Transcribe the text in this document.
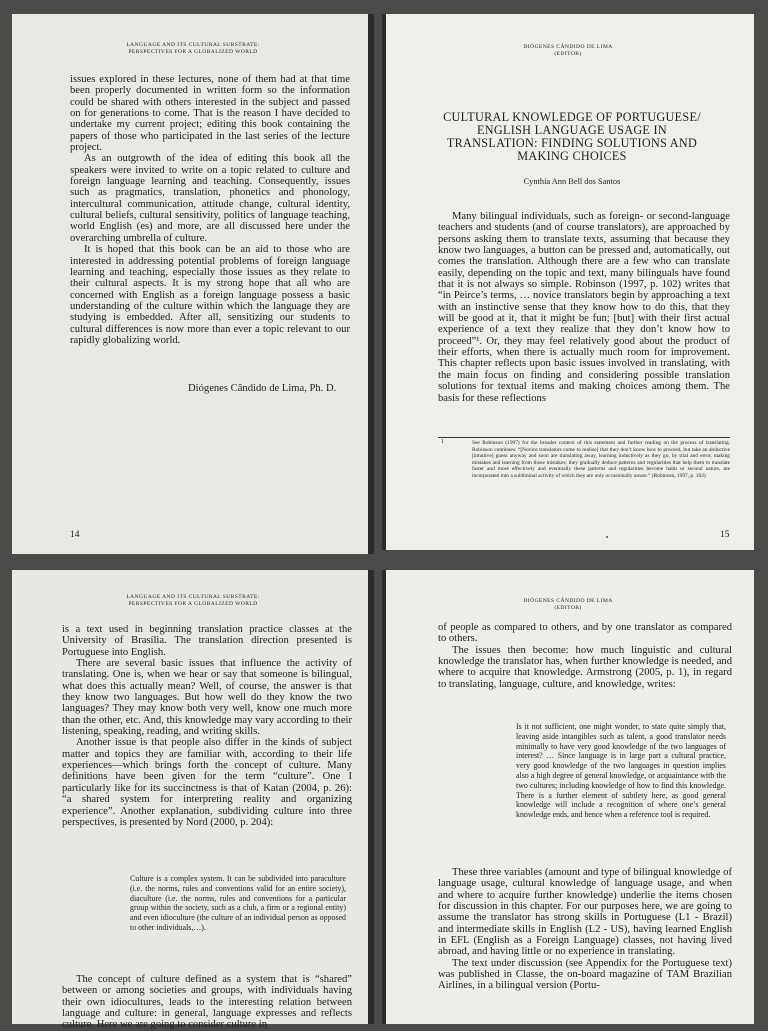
LANGUAGE AND ITS CULTURAL SUBSTRATE:
PERSPECTIVES FOR A GLOBALIZED WORLD

issues explored in these lectures, none of them had at that time been properly documented in written form so the information could be shared with others interested in the subject and passed on for generations to come. That is the reason I have decided to undertake my current project; editing this book containing the papers of those who participated in the last series of the lecture project.

As an outgrowth of the idea of editing this book all the speakers were invited to write on a topic related to culture and foreign language learning and teaching. Consequently, issues such as pragmatics, translation, phonetics and phonology, intercultural communication, attitude change, cultural identity, cultural beliefs, cultural sensitivity, politics of language teaching, world English (es) and more, are all discussed here under the overarching umbrella of culture.

It is hoped that this book can be an aid to those who are interested in addressing potential problems of foreign language learning and teaching, especially those issues as they relate to their cultural aspects. It is my strong hope that all who are concerned with English as a foreign language possess a basic understanding of the culture within which the language they are studying is embedded. After all, sensitizing our students to cultural differences is now more than ever a topic relevant to our rapidly globalizing world.

Diógenes Cândido de Lima, Ph. D.
14
DIÓGENES CÂNDIDO DE LIMA
(EDITOR)
CULTURAL KNOWLEDGE OF PORTUGUESE/
ENGLISH LANGUAGE USAGE IN
TRANSLATION: FINDING SOLUTIONS AND
MAKING CHOICES
Cynthia Ann Bell dos Santos

Many bilingual individuals, such as foreign- or second-language teachers and students (and of course translators), are approached by persons asking them to translate texts, assuming that because they know two languages, a button can be pressed and, automatically, out comes the translation. Although there are a few who can translate easily, depending on the topic and text, many bilinguals have found that it is not always so simple. Robinson (1997, p. 102) writes that “in Peirce’s terms, … novice translators begin by approaching a text with an instinctive sense that they know how to do this, that they will be good at it, that it might be fun; [but] with their first actual experience of a text they realize that they don’t know how to proceed”¹. Or, they may feel relatively good about the product of their efforts, when there is actually much room for improvement. This chapter reflects upon basic issues involved in translating, with the main focus on finding and considering possible translation solutions for textual items and making choices among them. The basis for these reflections

1	See Robinson (1997) for the broader context of this statement and further reading on the process of translating. Robinson continues: “[Novice translators come to realize] that they don’t know how to proceed, but take an abductive [intuitive] guess anyway and soon are translating away, learning inductively as they go, by trial and error, making mistakes and learning from those mistakes; they gradually deduce patterns and regularities that help them to translate faster and more effectively and eventually these patterns and regularities become habit or second nature, are incorporated into a subliminal activity of which they are only occasionally aware.” (Robinson, 1997, p. 102)
15
LANGUAGE AND ITS CULTURAL SUBSTRATE:
PERSPECTIVES FOR A GLOBALIZED WORLD

is a text used in beginning translation practice classes at the University of Brasília. The translation direction presented is Portuguese into English.

There are several basic issues that influence the activity of translating. One is, when we hear or say that someone is bilingual, what does this actually mean? Well, of course, the answer is that they know two languages. But how well do they know the two languages? They may know both very well, know one much more than the other, etc. And, this knowledge may vary according to their listening, speaking, reading, and writing skills.

Another issue is that people also differ in the kinds of subject matter and topics they are familiar with, according to their life experiences—which brings forth the concept of culture. Many definitions have been given for the term “culture”. One I particularly like for its succinctness is that of Katan (2004, p. 26): “a shared system for interpreting reality and organizing experience”. Another explanation, subdividing culture into three perspectives, is presented by Nord (2000, p. 204):

Culture is a complex system. It can be subdivided into paraculture (i.e. the norms, rules and conventions valid for an entire society), diaculture (i.e. the norms, rules and conventions for a particular group within the society, such as a club, a firm or a regional entity) and even idioculture (the culture of an individual person as opposed to other individuals,…).

The concept of culture defined as a system that is “shared” between or among societies and groups, with individuals having their own idiocultures, leads to the interesting relation between language and culture: in general, language expresses and reflects culture. Here we are going to consider culture in

DIÓGENES CÂNDIDO DE LIMA
(EDITOR)

of people as compared to others, and by one translator as compared to others.

The issues then become: how much linguistic and cultural knowledge the translator has, when further knowledge is needed, and where to acquire that knowledge. Armstrong (2005, p. 1), in regard to translating, language, culture, and knowledge, writes:

Is it not sufficient, one might wonder, to state quite simply that, leaving aside intangibles such as talent, a good translator needs minimally to have very good knowledge of the two languages of interest? … Since language is in large part a cultural practice, very good knowledge of the two languages in question implies also a high degree of general knowledge, or acquaintance with the two cultures; including knowledge of how to find this knowledge. There is a further element of subtlety here, as good general knowledge will include a recognition of where one’s general knowledge ends, and hence when a reference tool is required.

These three variables (amount and type of bilingual knowledge of language usage, cultural knowledge of language usage, and when and where to acquire further knowledge) underlie the items chosen for discussion in this chapter. For our purposes here, we are going to assume the translator has strong skills in Portuguese (L1 - Brazil) and intermediate skills in English (L2 - US), having learned English in EFL (English as a Foreign Language) classes, not having lived abroad, and having little or no experience in translating.

The text under discussion (see Appendix for the Portuguese text) was published in Classe, the on-board magazine of TAM Brazilian Airlines, in a bilingual version (Portu-
